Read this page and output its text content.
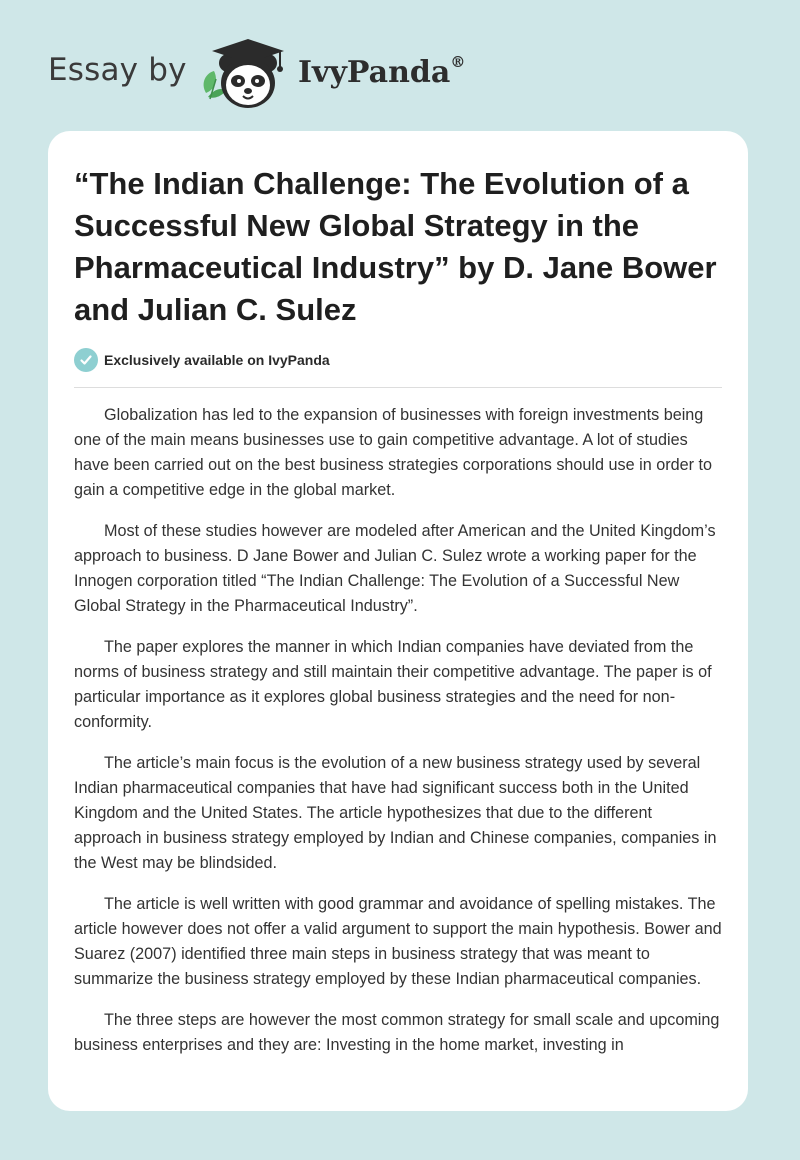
Essay by	IvyPanda®
“The Indian Challenge: The Evolution of a Successful New Global Strategy in the Pharmaceutical Industry” by D. Jane Bower and Julian C. Sulez
Exclusively available on IvyPanda

Globalization has led to the expansion of businesses with foreign investments being one of the main means businesses use to gain competitive advantage. A lot of studies have been carried out on the best business strategies corporations should use in order to gain a competitive edge in the global market.

Most of these studies however are modeled after American and the United Kingdom’s approach to business. D Jane Bower and Julian C. Sulez wrote a working paper for the Innogen corporation titled “The Indian Challenge: The Evolution of a Successful New Global Strategy in the Pharmaceutical Industry”.

The paper explores the manner in which Indian companies have deviated from the norms of business strategy and still maintain their competitive advantage. The paper is of particular importance as it explores global business strategies and the need for non-conformity.

The article’s main focus is the evolution of a new business strategy used by several Indian pharmaceutical companies that have had significant success both in the United Kingdom and the United States. The article hypothesizes that due to the different approach in business strategy employed by Indian and Chinese companies, companies in the West may be blindsided.

The article is well written with good grammar and avoidance of spelling mistakes. The article however does not offer a valid argument to support the main hypothesis. Bower and Suarez (2007) identified three main steps in business strategy that was meant to summarize the business strategy employed by these Indian pharmaceutical companies.

The three steps are however the most common strategy for small scale and upcoming business enterprises and they are: Investing in the home market, investing in
